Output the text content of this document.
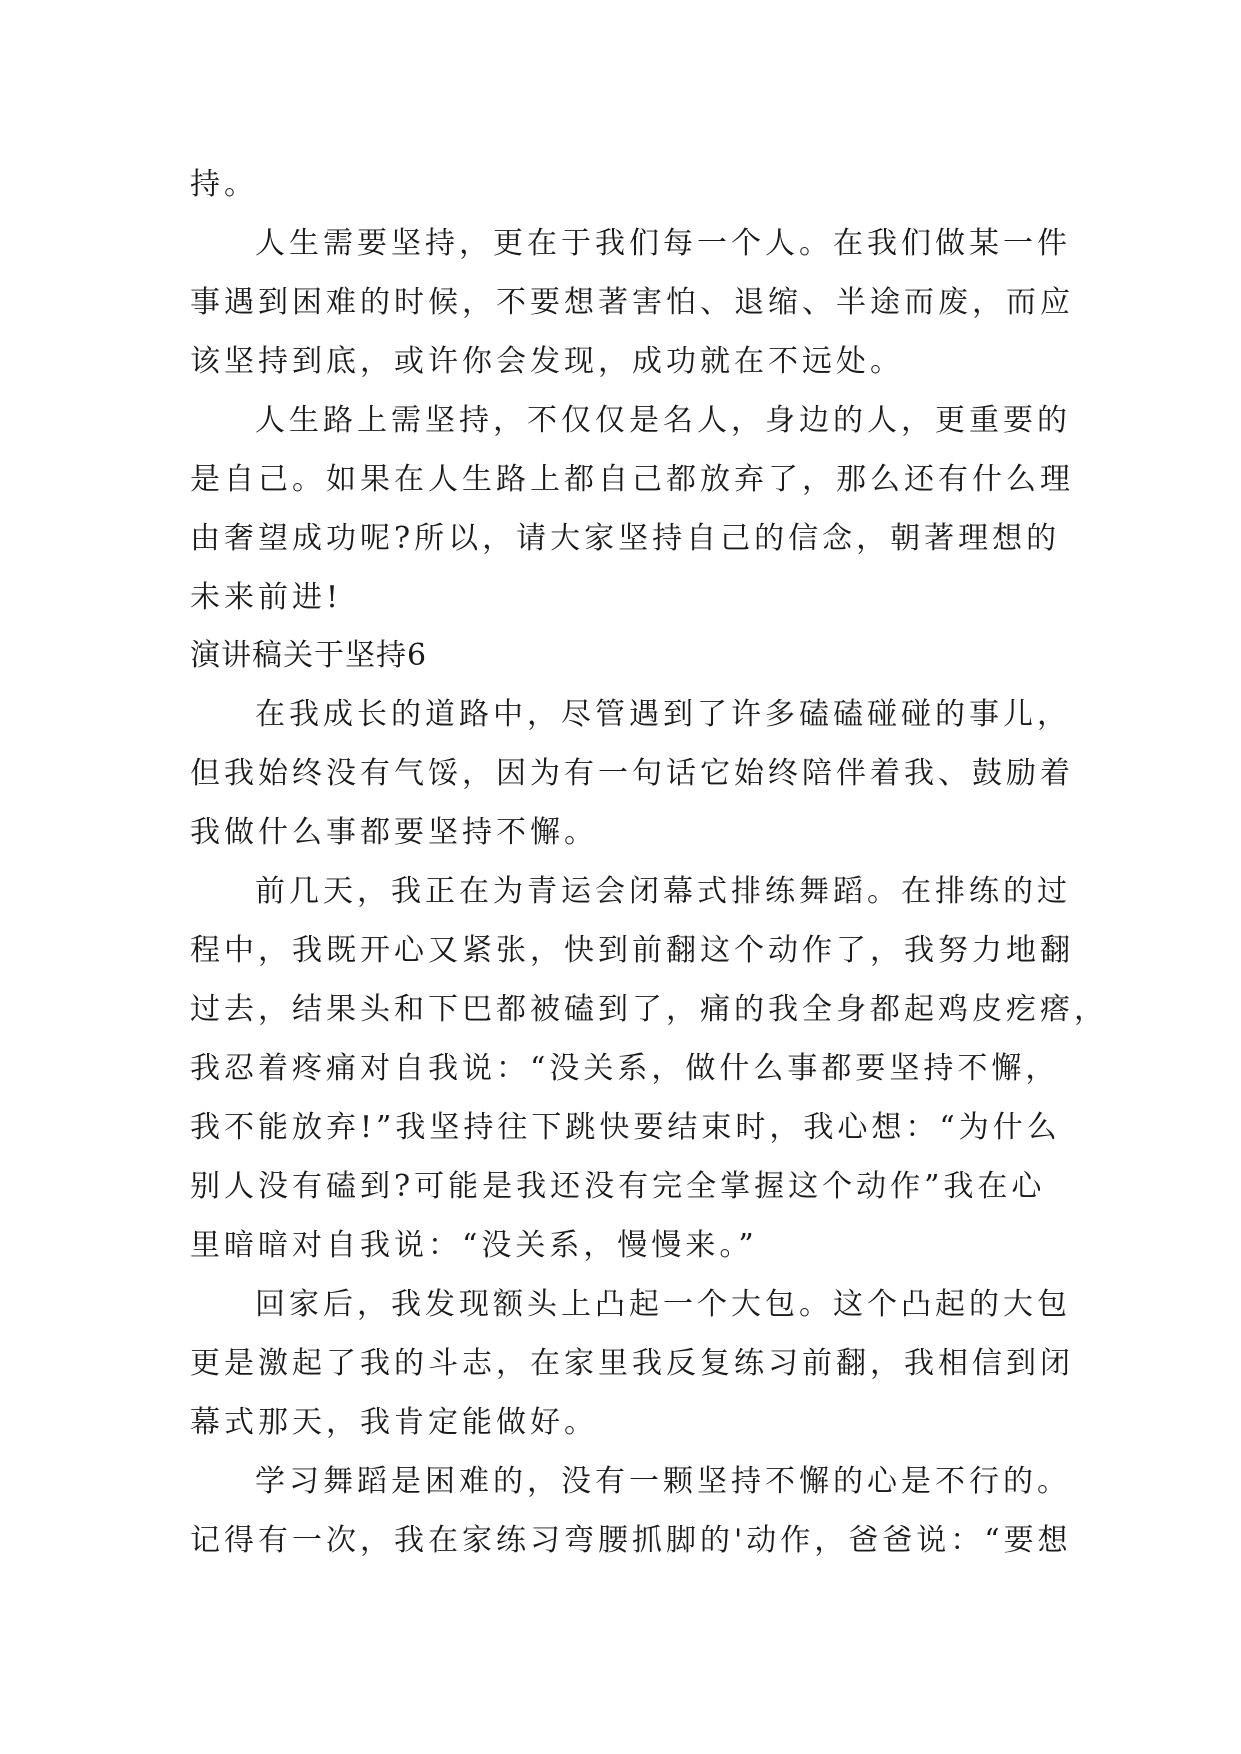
持。
人生需要坚持，更在于我们每一个人。在我们做某一件
事遇到困难的时候，不要想著害怕、退缩、半途而废，而应
该坚持到底，或许你会发现，成功就在不远处。
人生路上需坚持，不仅仅是名人，身边的人，更重要的
是自己。如果在人生路上都自己都放弃了，那么还有什么理
由奢望成功呢?所以，请大家坚持自己的信念，朝著理想的
未来前进!
演讲稿关于坚持6
在我成长的道路中，尽管遇到了许多磕磕碰碰的事儿，
但我始终没有气馁，因为有一句话它始终陪伴着我、鼓励着
我做什么事都要坚持不懈。
前几天，我正在为青运会闭幕式排练舞蹈。在排练的过
程中，我既开心又紧张，快到前翻这个动作了，我努力地翻
过去，结果头和下巴都被磕到了，痛的我全身都起鸡皮疙瘩，
我忍着疼痛对自我说：“没关系，做什么事都要坚持不懈，
我不能放弃!”我坚持往下跳快要结束时，我心想：“为什么
别人没有磕到?可能是我还没有完全掌握这个动作”我在心
里暗暗对自我说：“没关系，慢慢来。”
回家后，我发现额头上凸起一个大包。这个凸起的大包
更是激起了我的斗志，在家里我反复练习前翻，我相信到闭
幕式那天，我肯定能做好。
学习舞蹈是困难的，没有一颗坚持不懈的心是不行的。
记得有一次，我在家练习弯腰抓脚的'动作，爸爸说：“要想
